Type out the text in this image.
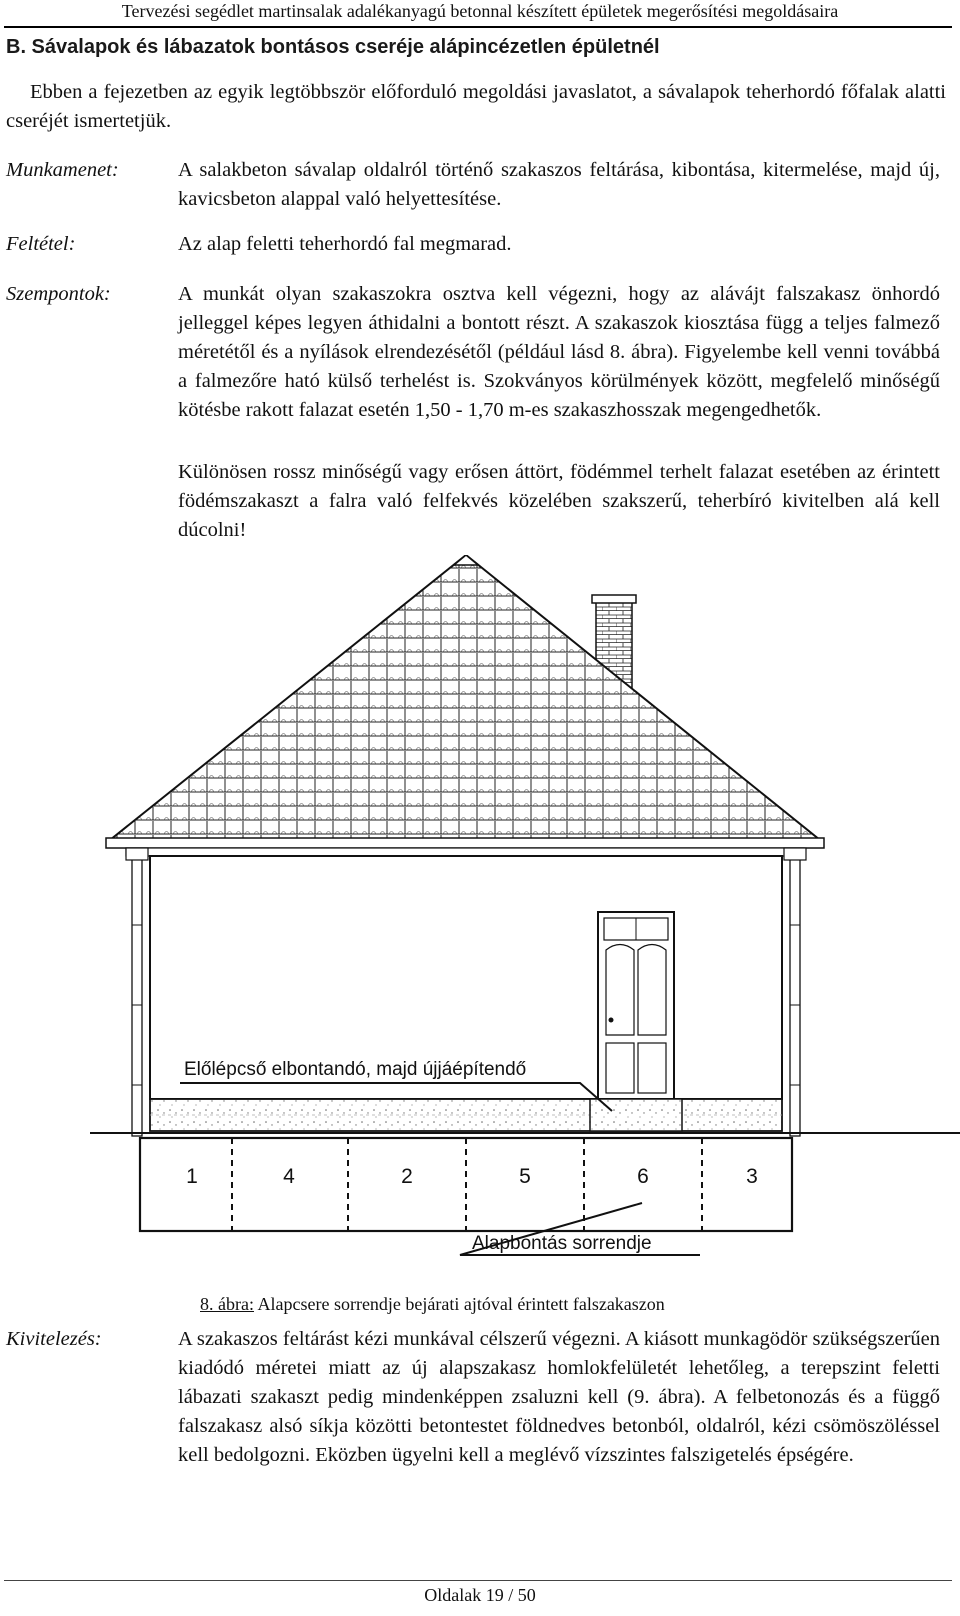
Tervezési segédlet martinsalak adalékanyagú betonnal készített épületek megerősítési megoldásaira
B. Sávalapok és lábazatok bontásos cseréje alápincézetlen épületnél
Ebben a fejezetben az egyik legtöbbször előforduló megoldási javaslatot, a sávalapok teherhordó főfalak alatti cseréjét ismertetjük.
Munkamenet:	A salakbeton sávalap oldalról történő szakaszos feltárása, kibontása, kitermelése, majd új, kavicsbeton alappal való helyettesítése.
Feltétel:	Az alap feletti teherhordó fal megmarad.
Szempontok:	A munkát olyan szakaszokra osztva kell végezni, hogy az alávájt falszakasz önhordó jelleggel képes legyen áthidalni a bontott részt. A szakaszok kiosztása függ a teljes falmező méretétől és a nyílások elrendezésétől (például lásd 8. ábra). Figyelembe kell venni továbbá a falmezőre ható külső terhelést is. Szokványos körülmények között, megfelelő minőségű kötésbe rakott falazat esetén 1,50 - 1,70 m-es szakaszhosszak megengedhetők.
Különösen rossz minőségű vagy erősen áttört, födémmel terhelt falazat esetében az érintett födémszakaszt a falra való felfekvés közelében szakszerű, teherbíró kivitelben alá kell dúcolni!
1	4	2	5	6	3
Előlépcső elbontandó, majd újjáépítendő
Alapbontás sorrendje
8. ábra: Alapcsere sorrendje bejárati ajtóval érintett falszakaszon
Kivitelezés:	A szakaszos feltárást kézi munkával célszerű végezni. A kiásott munkagödör szükségszerűen kiadódó méretei miatt az új alapszakasz homlokfelületét lehetőleg, a terepszint feletti lábazati szakaszt pedig mindenképpen zsaluzni kell (9. ábra). A felbetonozás és a függő falszakasz alsó síkja közötti betontestet földnedves betonból, oldalról, kézi csömöszöléssel kell bedolgozni. Eközben ügyelni kell a meglévő vízszintes falszigetelés épségére.
Oldalak 19 / 50
